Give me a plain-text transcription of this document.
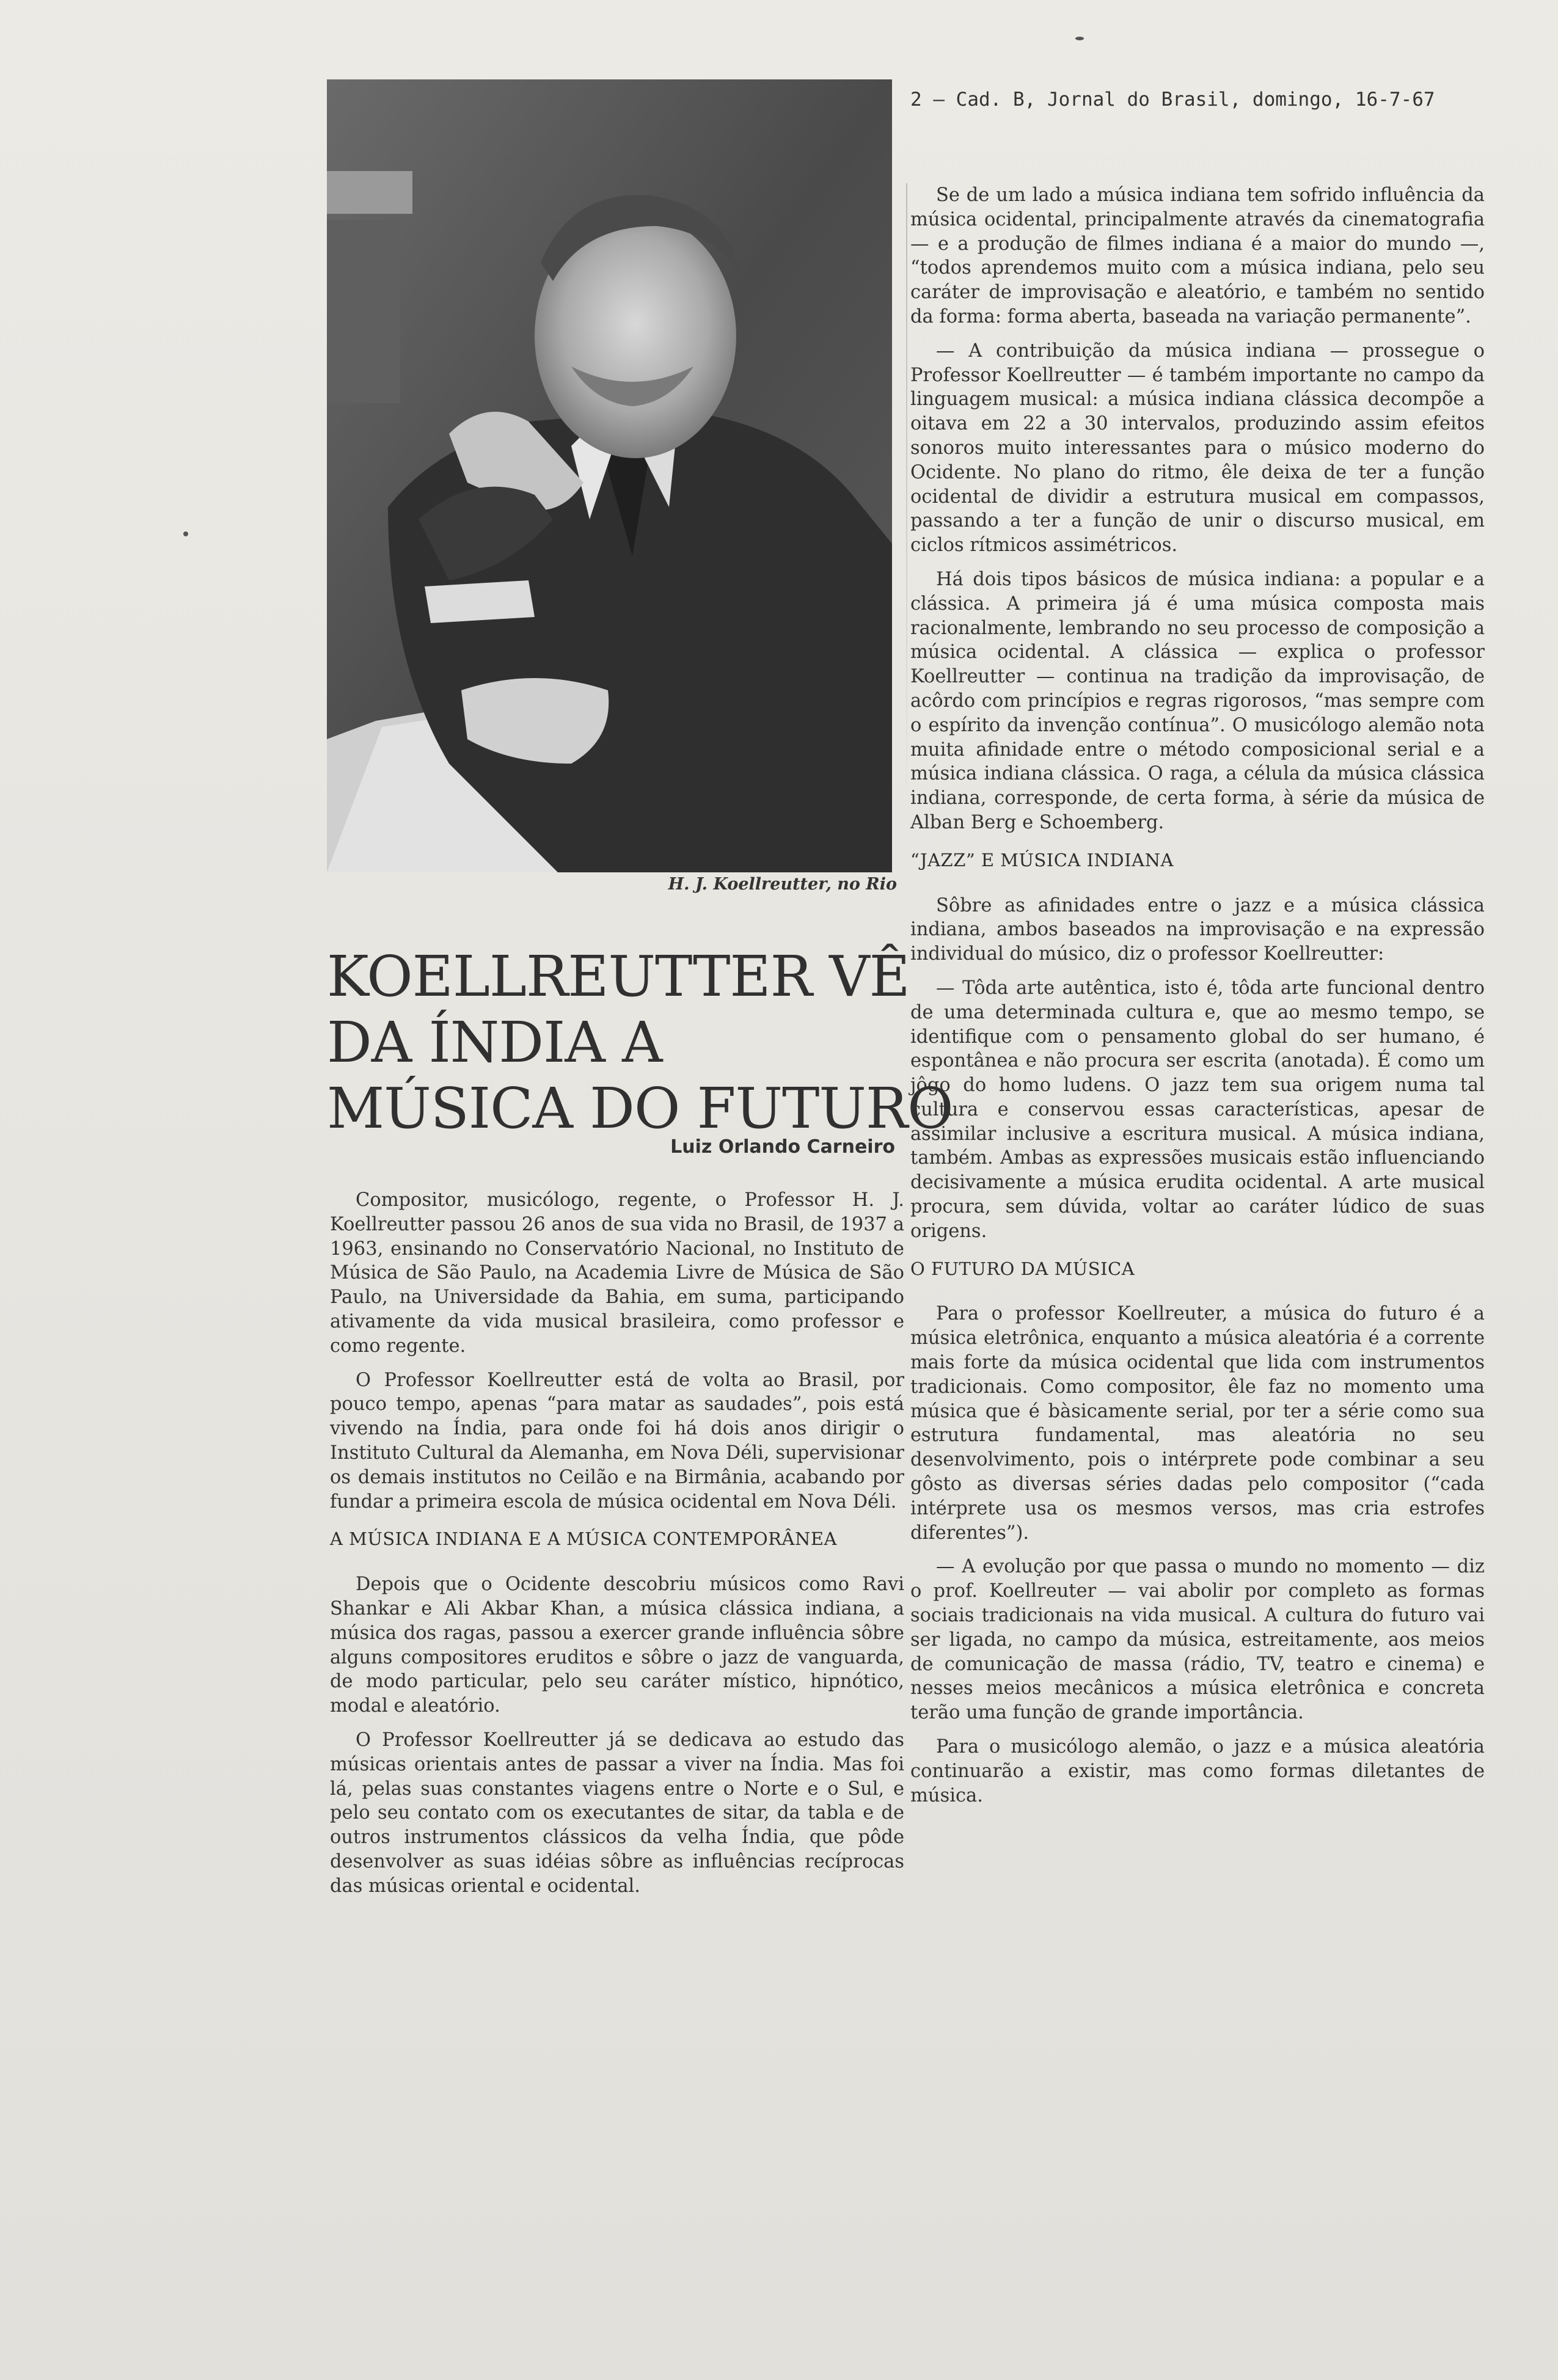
2 — Cad. B, Jornal do Brasil, domingo, 16-7-67
H. J. Koellreutter, no Rio
KOELLREUTTER VÊ
DA ÍNDIA A
MÚSICA DO FUTURO
Luiz Orlando Carneiro

Compositor, musicólogo, regente, o Professor H. J. Koellreutter passou 26 anos de sua vida no Brasil, de 1937 a 1963, ensinando no Conservatório Nacional, no Instituto de Música de São Paulo, na Academia Livre de Música de São Paulo, na Universidade da Bahia, em suma, participando ativamente da vida musical brasileira, como professor e como regente.

O Professor Koellreutter está de volta ao Brasil, por pouco tempo, apenas “para matar as saudades”, pois está vivendo na Índia, para onde foi há dois anos dirigir o Instituto Cultural da Alemanha, em Nova Déli, supervisionar os demais institutos no Ceilão e na Birmânia, acabando por fundar a primeira escola de música ocidental em Nova Déli.

A MÚSICA INDIANA E A MÚSICA CONTEMPORÂNEA

Depois que o Ocidente descobriu músicos como Ravi Shankar e Ali Akbar Khan, a música clássica indiana, a música dos ragas, passou a exercer grande influência sôbre alguns compositores eruditos e sôbre o jazz de vanguarda, de modo particular, pelo seu caráter místico, hipnótico, modal e aleatório.

O Professor Koellreutter já se dedicava ao estudo das músicas orientais antes de passar a viver na Índia. Mas foi lá, pelas suas constantes viagens entre o Norte e o Sul, e pelo seu contato com os executantes de sitar, da tabla e de outros instrumentos clássicos da velha Índia, que pôde desenvolver as suas idéias sôbre as influências recíprocas das músicas oriental e ocidental.

Se de um lado a música indiana tem sofrido influência da música ocidental, principalmente através da cinematografia — e a produção de filmes indiana é a maior do mundo —, “todos aprendemos muito com a música indiana, pelo seu caráter de improvisação e aleatório, e também no sentido da forma: forma aberta, baseada na variação permanente”.

— A contribuição da música indiana — prossegue o Professor Koellreutter — é também importante no campo da linguagem musical: a música indiana clássica decompõe a oitava em 22 a 30 intervalos, produzindo assim efeitos sonoros muito interessantes para o músico moderno do Ocidente. No plano do ritmo, êle deixa de ter a função ocidental de dividir a estrutura musical em compassos, passando a ter a função de unir o discurso musical, em ciclos rítmicos assimétricos.

Há dois tipos básicos de música indiana: a popular e a clássica. A primeira já é uma música composta mais racionalmente, lembrando no seu processo de composição a música ocidental. A clássica — explica o professor Koellreutter — continua na tradição da improvisação, de acôrdo com princípios e regras rigorosos, “mas sempre com o espírito da invenção contínua”. O musicólogo alemão nota muita afinidade entre o método composicional serial e a música indiana clássica. O raga, a célula da música clássica indiana, corresponde, de certa forma, à série da música de Alban Berg e Schoemberg.

“JAZZ” E MÚSICA INDIANA

Sôbre as afinidades entre o jazz e a música clássica indiana, ambos baseados na improvisação e na expressão individual do músico, diz o professor Koellreutter:

— Tôda arte autêntica, isto é, tôda arte funcional dentro de uma determinada cultura e, que ao mesmo tempo, se identifique com o pensamento global do ser humano, é espontânea e não procura ser escrita (anotada). É como um jôgo do homo ludens. O jazz tem sua origem numa tal cultura e conservou essas características, apesar de assimilar inclusive a escritura musical. A música indiana, também. Ambas as expressões musicais estão influenciando decisivamente a música erudita ocidental. A arte musical procura, sem dúvida, voltar ao caráter lúdico de suas origens.

O FUTURO DA MÚSICA

Para o professor Koellreuter, a música do futuro é a música eletrônica, enquanto a música aleatória é a corrente mais forte da música ocidental que lida com instrumentos tradicionais. Como compositor, êle faz no momento uma música que é bàsicamente serial, por ter a série como sua estrutura fundamental, mas aleatória no seu desenvolvimento, pois o intérprete pode combinar a seu gôsto as diversas séries dadas pelo compositor (“cada intérprete usa os mesmos versos, mas cria estrofes diferentes”).

— A evolução por que passa o mundo no momento — diz o prof. Koellreuter — vai abolir por completo as formas sociais tradicionais na vida musical. A cultura do futuro vai ser ligada, no campo da música, estreitamente, aos meios de comunicação de massa (rádio, TV, teatro e cinema) e nesses meios mecânicos a música eletrônica e concreta terão uma função de grande importância.

Para o musicólogo alemão, o jazz e a música aleatória continuarão a existir, mas como formas diletantes de música.
